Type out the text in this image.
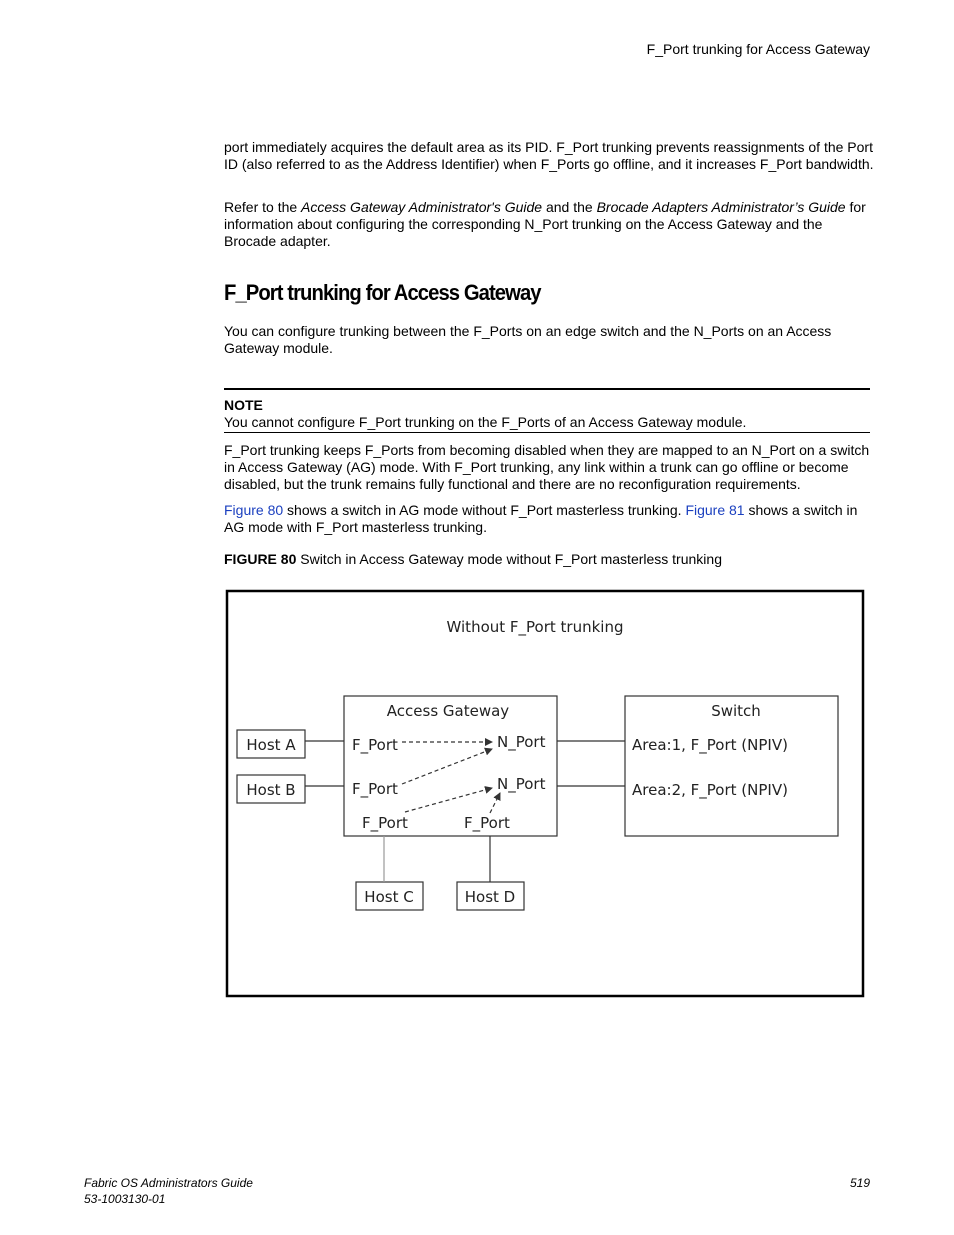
F_Port trunking for Access Gateway

port immediately acquires the default area as its PID. F_Port trunking prevents reassignments of the Port ID (also referred to as the Address Identifier) when F_Ports go offline, and it increases F_Port bandwidth.

Refer to the Access Gateway Administrator's Guide and the Brocade Adapters Administrator’s Guide for information about configuring the corresponding N_Port trunking on the Access Gateway and the Brocade adapter.

F_Port trunking for Access Gateway

You can configure trunking between the F_Ports on an edge switch and the N_Ports on an Access Gateway module.

NOTE
You cannot configure F_Port trunking on the F_Ports of an Access Gateway module.

F_Port trunking keeps F_Ports from becoming disabled when they are mapped to an N_Port on a switch in Access Gateway (AG) mode. With F_Port trunking, any link within a trunk can go offline or become disabled, but the trunk remains fully functional and there are no reconfiguration requirements.

Figure 80 shows a switch in AG mode without F_Port masterless trunking. Figure 81 shows a switch in AG mode with F_Port masterless trunking.

FIGURE 80 Switch in Access Gateway mode without F_Port masterless trunking
Without F_Port trunking
Access Gateway	Switch
Host A
Host B
Host C	Host D
F_Port
F_Port
F_Port	F_Port
N_Port
N_Port
Area:1, F_Port (NPIV)
Area:2, F_Port (NPIV)
Fabric OS Administrators Guide
53-1003130-01
519
